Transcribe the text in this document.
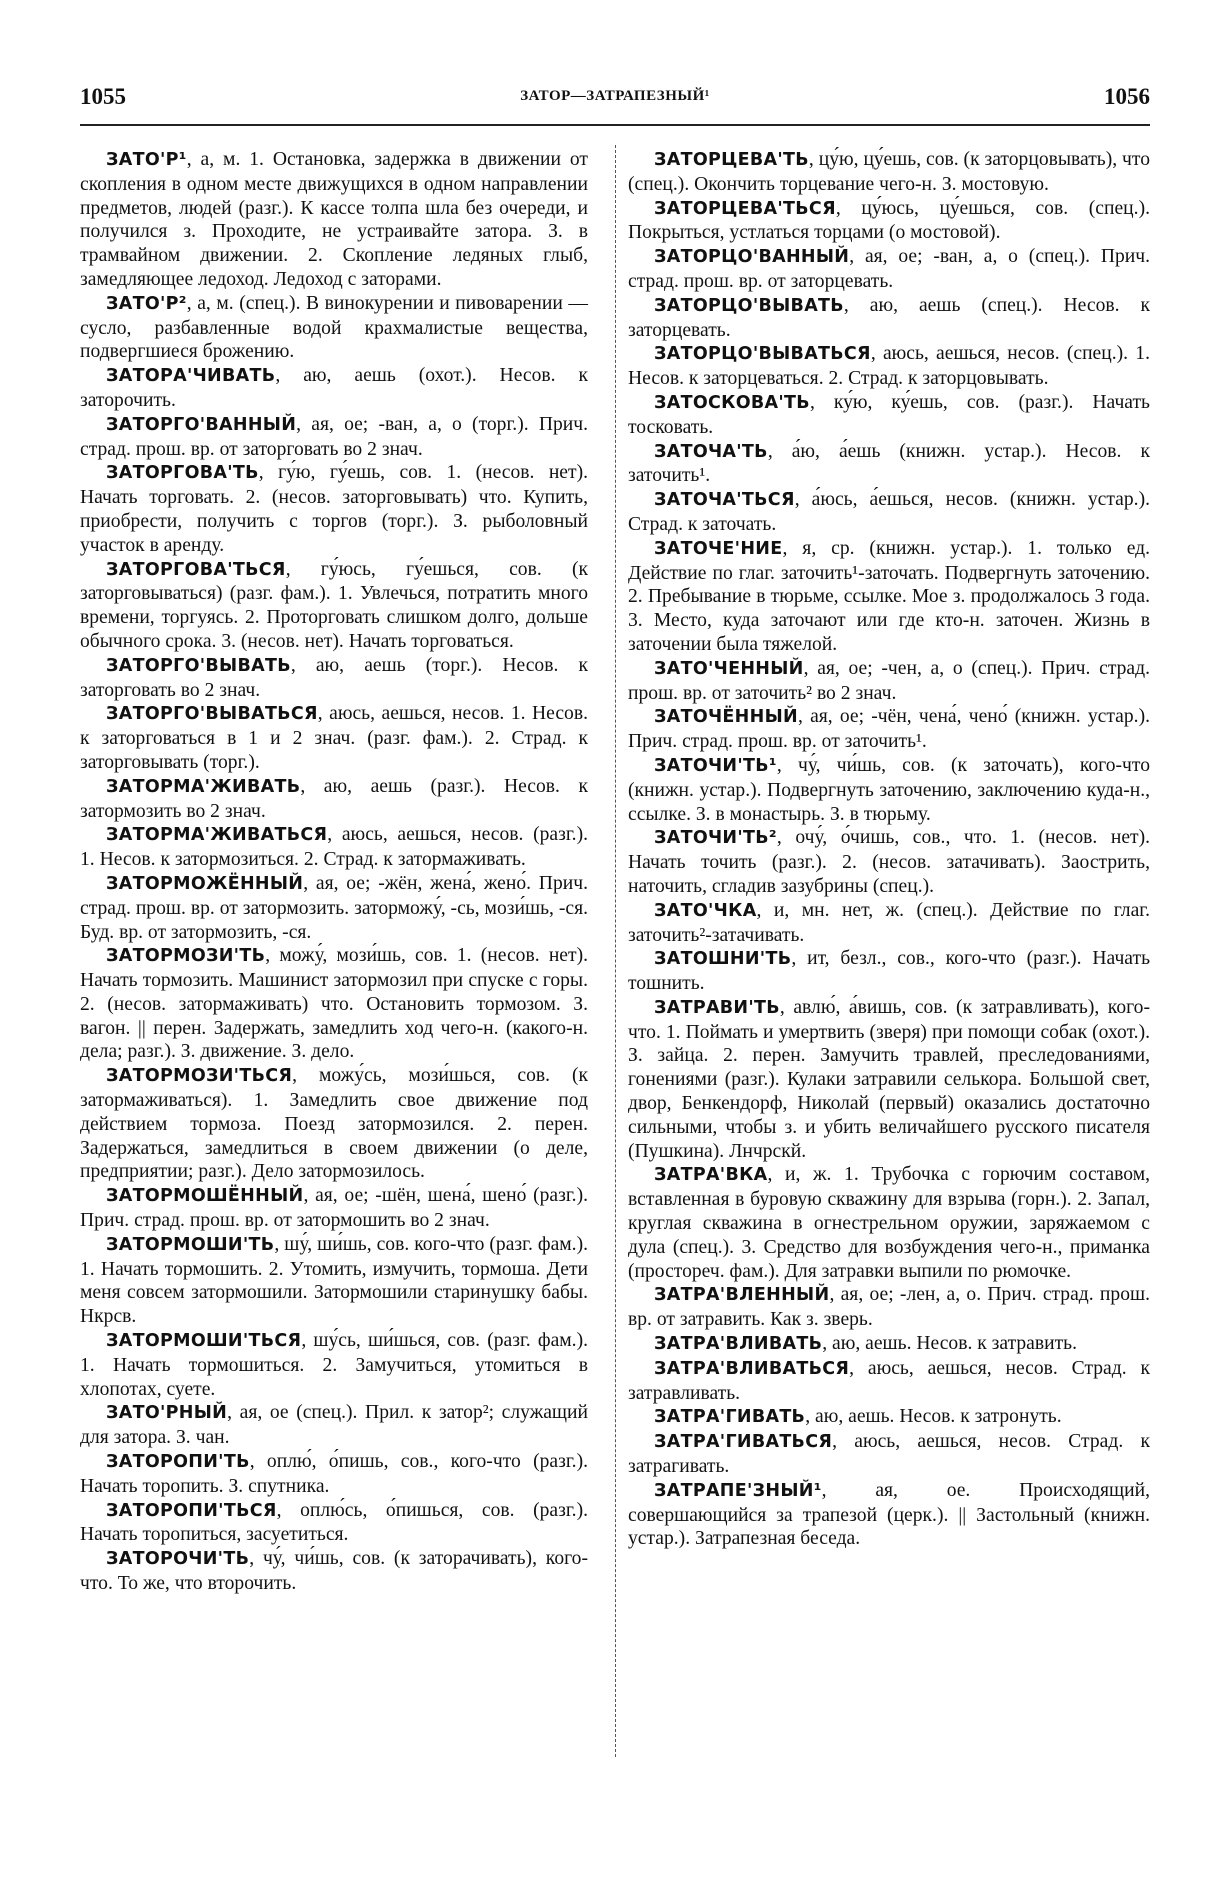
1055	ЗАТОР—ЗАТРАПЕЗНЫЙ¹	1056

ЗАТО'Р¹, а, м. 1. Остановка, задержка в движении от скопления в одном месте движущихся в одном направлении предметов, людей (разг.). К кассе толпа шла без очереди, и получился з. Проходите, не устраивайте затора. З. в трамвайном движении. 2. Скопление ледяных глыб, замедляющее ледоход. Ледоход с заторами.

ЗАТО'Р², а, м. (спец.). В винокурении и пивоварении — сусло, разбавленные водой крахмалистые вещества, подвергшиеся брожению.

ЗАТОРА'ЧИВАТЬ, аю, аешь (охот.). Несов. к заторочить.

ЗАТОРГО'ВАННЫЙ, ая, ое; -ван, а, о (торг.). Прич. страд. прош. вр. от заторговать во 2 знач.

ЗАТОРГОВА'ТЬ, гу́ю, гу́ешь, сов. 1. (несов. нет). Начать торговать. 2. (несов. заторговывать) что. Купить, приобрести, получить с торгов (торг.). З. рыболовный участок в аренду.

ЗАТОРГОВА'ТЬСЯ, гу́юсь, гу́ешься, сов. (к заторговываться) (разг. фам.). 1. Увлечься, потратить много времени, торгуясь. 2. Проторговать слишком долго, дольше обычного срока. 3. (несов. нет). Начать торговаться.

ЗАТОРГО'ВЫВАТЬ, аю, аешь (торг.). Несов. к заторговать во 2 знач.

ЗАТОРГО'ВЫВАТЬСЯ, аюсь, аешься, несов. 1. Несов. к заторговаться в 1 и 2 знач. (разг. фам.). 2. Страд. к заторговывать (торг.).

ЗАТОРМА'ЖИВАТЬ, аю, аешь (разг.). Несов. к затормозить во 2 знач.

ЗАТОРМА'ЖИВАТЬСЯ, аюсь, аешься, несов. (разг.). 1. Несов. к затормозиться. 2. Страд. к затормаживать.

ЗАТОРМОЖЁННЫЙ, ая, ое; -жён, жена́, жено́. Прич. страд. прош. вр. от затормозить. заторможу́, -сь, мози́шь, -ся. Буд. вр. от затормозить, -ся.

ЗАТОРМОЗИ'ТЬ, можу́, мози́шь, сов. 1. (несов. нет). Начать тормозить. Машинист затормозил при спуске с горы. 2. (несов. затормаживать) что. Остановить тормозом. З. вагон. || перен. Задержать, замедлить ход чего-н. (какого-н. дела; разг.). З. движение. З. дело.

ЗАТОРМОЗИ'ТЬСЯ, можу́сь, мози́шься, сов. (к затормаживаться). 1. Замедлить свое движение под действием тормоза. Поезд затормозился. 2. перен. Задержаться, замедлиться в своем движении (о деле, предприятии; разг.). Дело затормозилось.

ЗАТОРМОШЁННЫЙ, ая, ое; -шён, шена́, шено́ (разг.). Прич. страд. прош. вр. от затормошить во 2 знач.

ЗАТОРМОШИ'ТЬ, шу́, ши́шь, сов. кого-что (разг. фам.). 1. Начать тормошить. 2. Утомить, измучить, тормоша. Дети меня совсем затормошили. Затормошили старинушку бабы. Нкрсв.

ЗАТОРМОШИ'ТЬСЯ, шу́сь, ши́шься, сов. (разг. фам.). 1. Начать тормошиться. 2. Замучиться, утомиться в хлопотах, суете.

ЗАТО'РНЫЙ, ая, ое (спец.). Прил. к затор²; служащий для затора. З. чан.

ЗАТОРОПИ'ТЬ, оплю́, о́пишь, сов., кого-что (разг.). Начать торопить. З. спутника.

ЗАТОРОПИ'ТЬСЯ, оплю́сь, о́пишься, сов. (разг.). Начать торопиться, засуетиться.

ЗАТОРОЧИ'ТЬ, чу́, чи́шь, сов. (к заторачивать), кого-что. То же, что второчить.

ЗАТОРЦЕВА'ТЬ, цу́ю, цу́ешь, сов. (к заторцовывать), что (спец.). Окончить торцевание чего-н. З. мостовую.

ЗАТОРЦЕВА'ТЬСЯ, цу́юсь, цу́ешься, сов. (спец.). Покрыться, устлаться торцами (о мостовой).

ЗАТОРЦО'ВАННЫЙ, ая, ое; -ван, а, о (спец.). Прич. страд. прош. вр. от заторцевать.

ЗАТОРЦО'ВЫВАТЬ, аю, аешь (спец.). Несов. к заторцевать.

ЗАТОРЦО'ВЫВАТЬСЯ, аюсь, аешься, несов. (спец.). 1. Несов. к заторцеваться. 2. Страд. к заторцовывать.

ЗАТОСКОВА'ТЬ, ку́ю, ку́ешь, сов. (разг.). Начать тосковать.

ЗАТОЧА'ТЬ, а́ю, а́ешь (книжн. устар.). Несов. к заточить¹.

ЗАТОЧА'ТЬСЯ, а́юсь, а́ешься, несов. (книжн. устар.). Страд. к заточать.

ЗАТОЧЕ'НИЕ, я, ср. (книжн. устар.). 1. только ед. Действие по глаг. заточить¹-заточать. Подвергнуть заточению. 2. Пребывание в тюрьме, ссылке. Мое з. продолжалось 3 года. 3. Место, куда заточают или где кто-н. заточен. Жизнь в заточении была тяжелой.

ЗАТО'ЧЕННЫЙ, ая, ое; -чен, а, о (спец.). Прич. страд. прош. вр. от заточить² во 2 знач.

ЗАТОЧЁННЫЙ, ая, ое; -чён, чена́, чено́ (книжн. устар.). Прич. страд. прош. вр. от заточить¹.

ЗАТОЧИ'ТЬ¹, чу́, чи́шь, сов. (к заточать), кого-что (книжн. устар.). Подвергнуть заточению, заключению куда-н., ссылке. З. в монастырь. З. в тюрьму.

ЗАТОЧИ'ТЬ², очу́, о́чишь, сов., что. 1. (несов. нет). Начать точить (разг.). 2. (несов. затачивать). Заострить, наточить, сгладив зазубрины (спец.).

ЗАТО'ЧКА, и, мн. нет, ж. (спец.). Действие по глаг. заточить²-затачивать.

ЗАТОШНИ'ТЬ, ит, безл., сов., кого-что (разг.). Начать тошнить.

ЗАТРАВИ'ТЬ, авлю́, а́вишь, сов. (к затравливать), кого-что. 1. Поймать и умертвить (зверя) при помощи собак (охот.). З. зайца. 2. перен. Замучить травлей, преследованиями, гонениями (разг.). Кулаки затравили селькора. Большой свет, двор, Бенкендорф, Николай (первый) оказались достаточно сильными, чтобы з. и убить величайшего русского писателя (Пушкина). Лнчрскй.

ЗАТРА'ВКА, и, ж. 1. Трубочка с горючим составом, вставленная в буровую скважину для взрыва (горн.). 2. Запал, круглая скважина в огнестрельном оружии, заряжаемом с дула (спец.). 3. Средство для возбуждения чего-н., приманка (простореч. фам.). Для затравки выпили по рюмочке.

ЗАТРА'ВЛЕННЫЙ, ая, ое; -лен, а, о. Прич. страд. прош. вр. от затравить. Как з. зверь.

ЗАТРА'ВЛИВАТЬ, аю, аешь. Несов. к затравить.

ЗАТРА'ВЛИВАТЬСЯ, аюсь, аешься, несов. Страд. к затравливать.

ЗАТРА'ГИВАТЬ, аю, аешь. Несов. к затронуть.

ЗАТРА'ГИВАТЬСЯ, аюсь, аешься, несов. Страд. к затрагивать.

ЗАТРАПЕ'ЗНЫЙ¹, ая, ое. Происходящий, совершающийся за трапезой (церк.). || Застольный (книжн. устар.). Затрапезная беседа.
